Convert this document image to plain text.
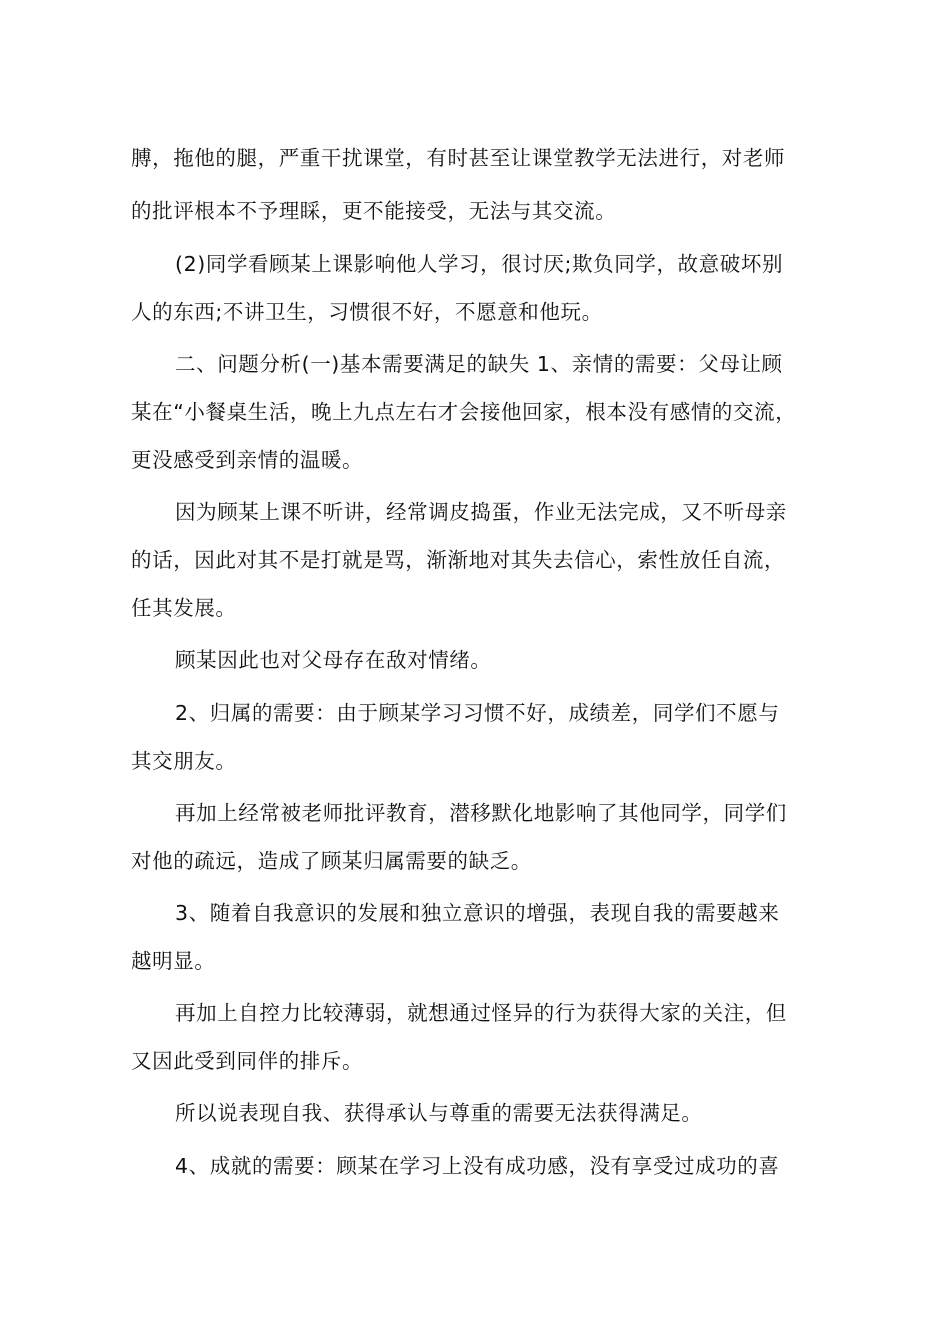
膊，拖他的腿，严重干扰课堂，有时甚至让课堂教学无法进行，对老师
的批评根本不予理睬，更不能接受，无法与其交流。
(2)同学看顾某上课影响他人学习，很讨厌;欺负同学，故意破坏别
人的东西;不讲卫生，习惯很不好，不愿意和他玩。
二、问题分析(一)基本需要满足的缺失 1、亲情的需要：父母让顾
某在“小餐桌生活，晚上九点左右才会接他回家，根本没有感情的交流，
更没感受到亲情的温暖。
因为顾某上课不听讲，经常调皮捣蛋，作业无法完成，又不听母亲
的话，因此对其不是打就是骂，渐渐地对其失去信心，索性放任自流，
任其发展。
顾某因此也对父母存在敌对情绪。
2、归属的需要：由于顾某学习习惯不好，成绩差，同学们不愿与
其交朋友。
再加上经常被老师批评教育，潜移默化地影响了其他同学，同学们
对他的疏远，造成了顾某归属需要的缺乏。
3、随着自我意识的发展和独立意识的增强，表现自我的需要越来
越明显。
再加上自控力比较薄弱，就想通过怪异的行为获得大家的关注，但
又因此受到同伴的排斥。
所以说表现自我、获得承认与尊重的需要无法获得满足。
4、成就的需要：顾某在学习上没有成功感，没有享受过成功的喜
